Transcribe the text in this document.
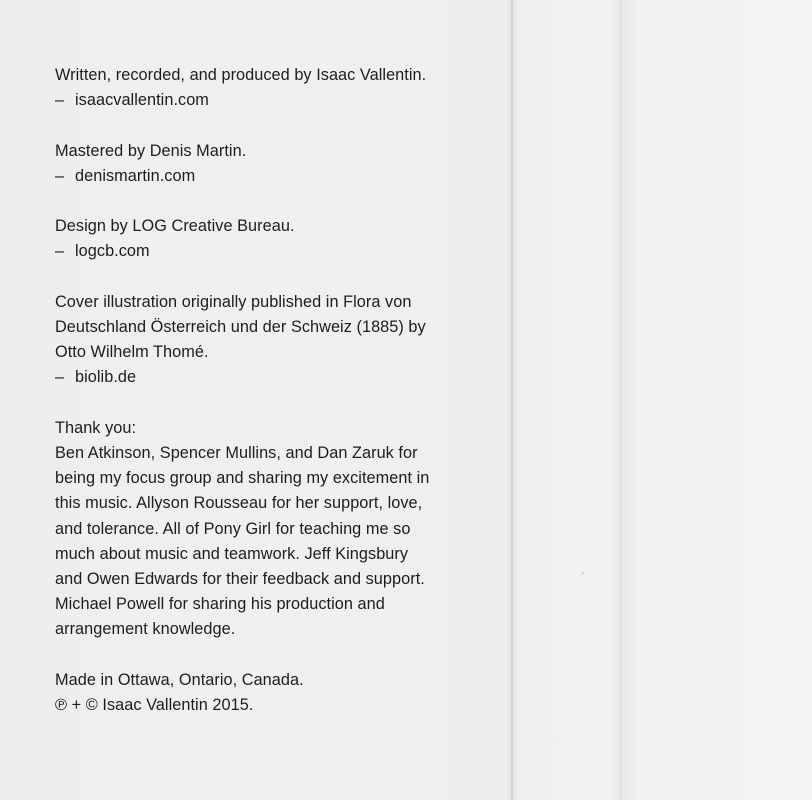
Written, recorded, and produced by Isaac Vallentin.
– isaacvallentin.com
Mastered by Denis Martin.
– denismartin.com
Design by LOG Creative Bureau.
– logcb.com
Cover illustration originally published in Flora von
Deutschland Österreich und der Schweiz (1885) by
Otto Wilhelm Thomé.
– biolib.de
Thank you:
Ben Atkinson, Spencer Mullins, and Dan Zaruk for
being my focus group and sharing my excitement in
this music. Allyson Rousseau for her support, love,
and tolerance. All of Pony Girl for teaching me so
much about music and teamwork. Jeff Kingsbury
and Owen Edwards for their feedback and support.
Michael Powell for sharing his production and
arrangement knowledge.
Made in Ottawa, Ontario, Canada.
℗ + © Isaac Vallentin 2015.
